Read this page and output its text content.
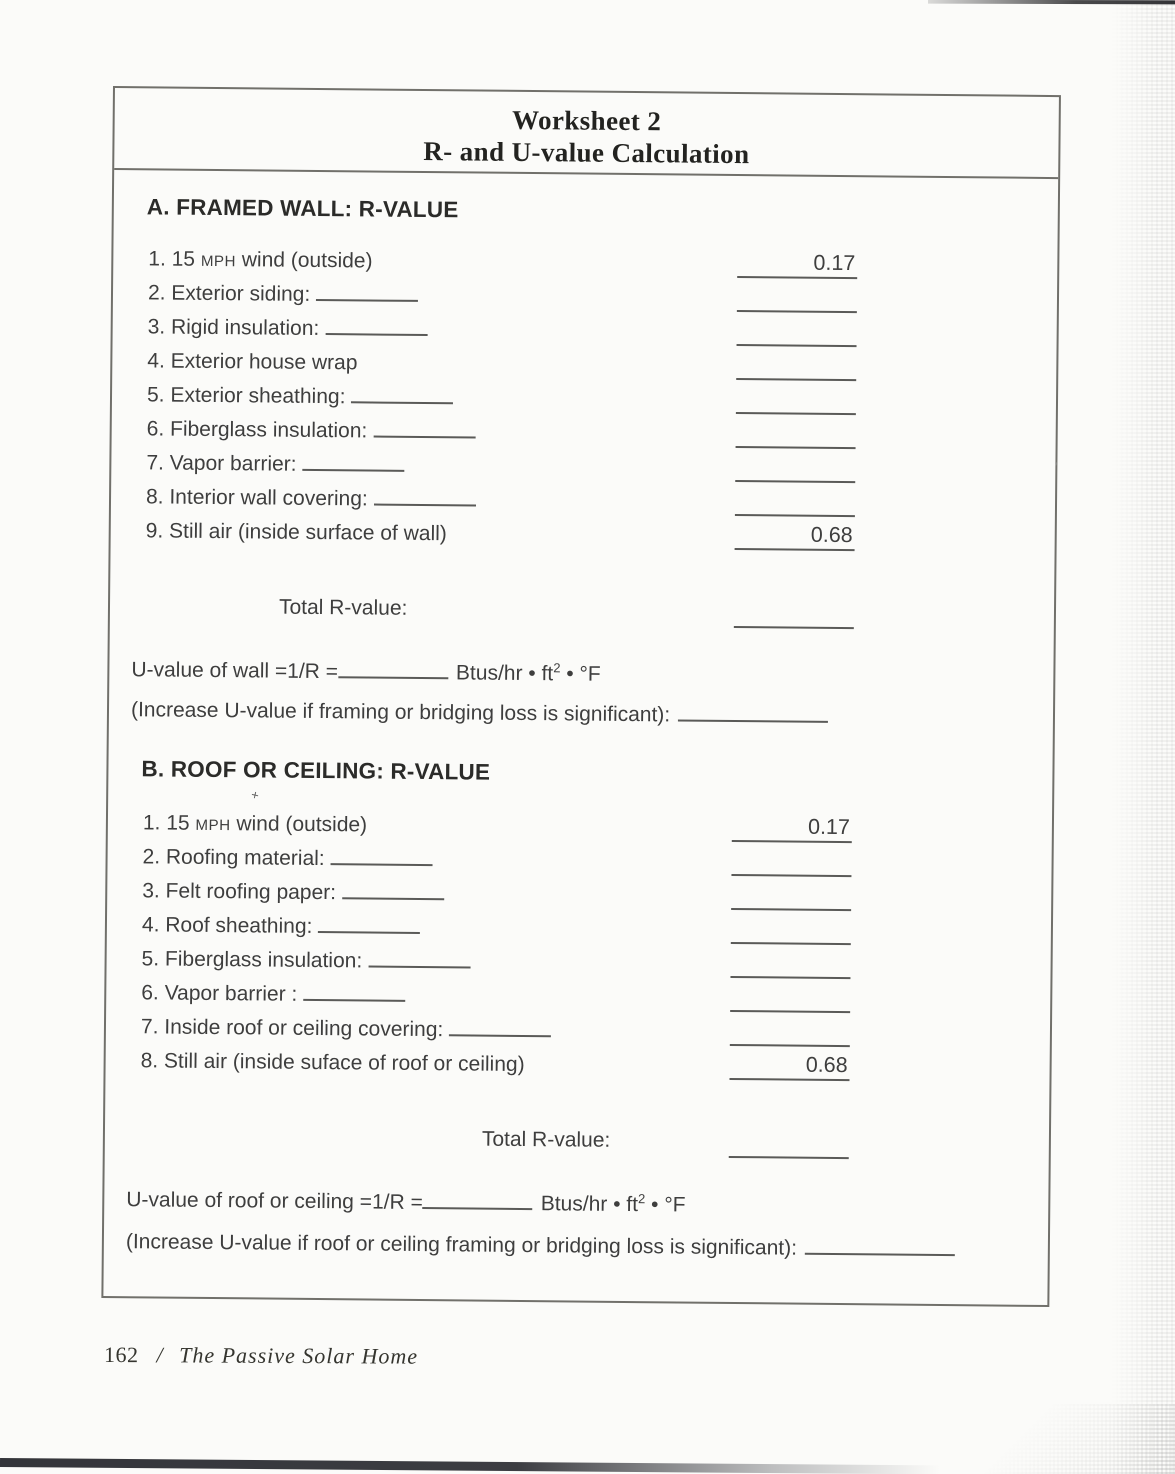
Worksheet 2
R- and U-value Calculation
A. FRAMED WALL: R-VALUE
1. 15 MPH wind (outside)	0.17
2. Exterior siding:
3. Rigid insulation:
4. Exterior house wrap
5. Exterior sheathing:
6. Fiberglass insulation:
7. Vapor barrier:
8. Interior wall covering:
9. Still air (inside surface of wall)	0.68
Total R-value:
U-value of wall =1/R =	Btus/hr • $ft^2$ • °F
(Increase U-value if framing or bridging loss is significant):
B. ROOF OR CEILING: R-VALUE
+
’
1. 15 MPH wind (outside)	0.17
2. Roofing material:
3. Felt roofing paper:
4. Roof sheathing:
5. Fiberglass insulation:
6. Vapor barrier :
7. Inside roof or ceiling covering:
8. Still air (inside suface of roof or ceiling)	0.68
Total R-value:
U-value of roof or ceiling =1/R =	Btus/hr • $ft^2$ • °F
(Increase U-value if roof or ceiling framing or bridging loss is significant):
162 / The Passive Solar Home
